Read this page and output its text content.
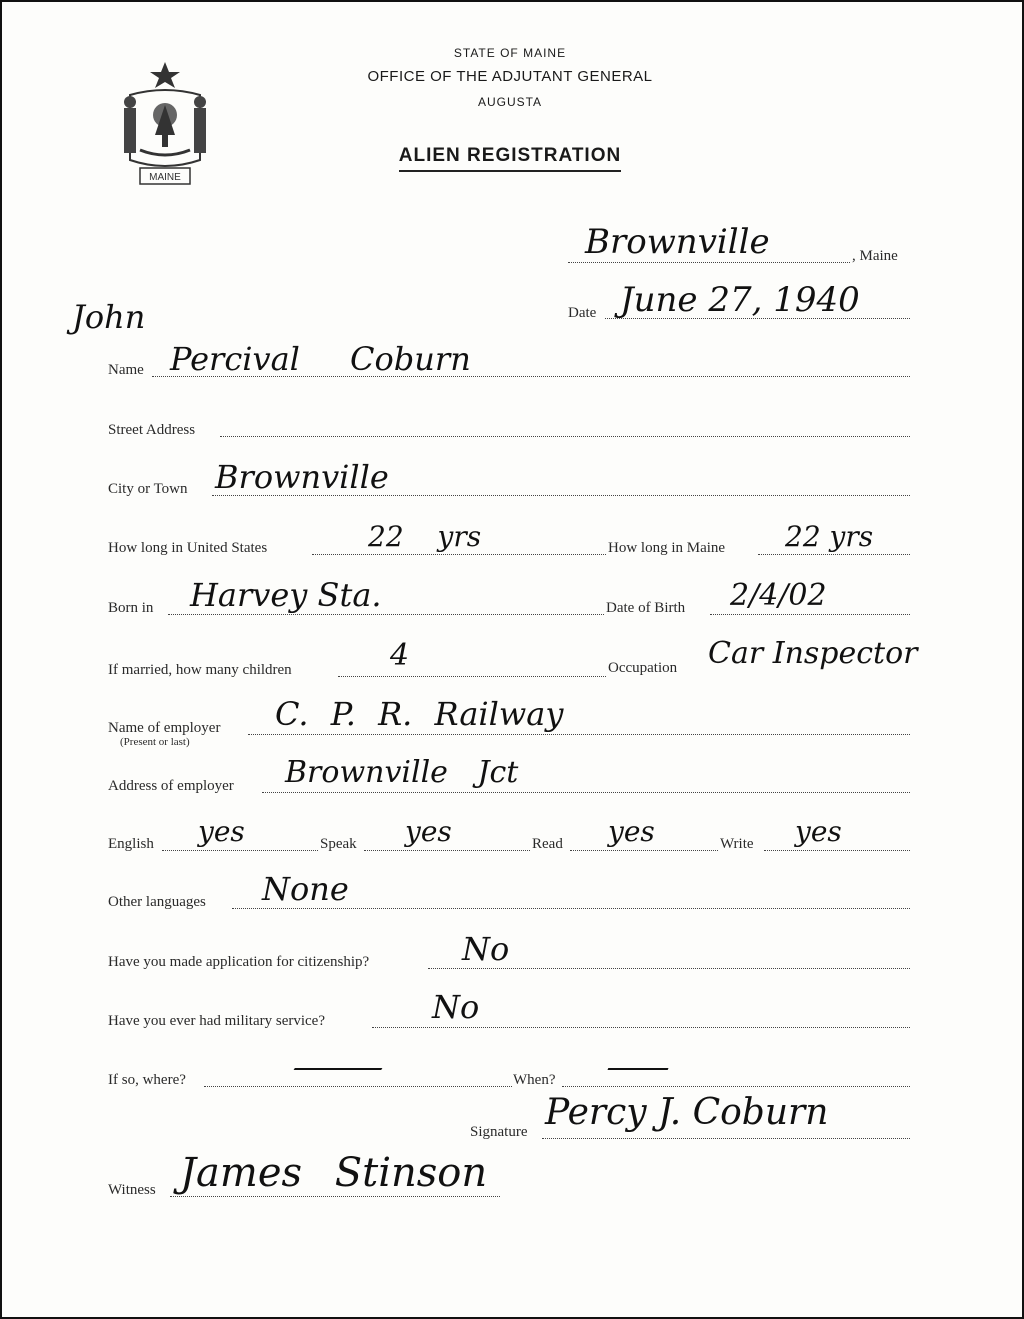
MAINE
STATE OF MAINE
OFFICE OF THE ADJUTANT GENERAL
AUGUSTA
ALIEN REGISTRATION
Brownville	, Maine
Date June 27, 1940
John
Name Percival Coburn
Street Address
City or Town Brownville
How long in United States	22 yrs	How long in Maine 22 yrs
Born in Harvey Sta.	Date of Birth 2/4/02
If married, how many children	4	Occupation Car Inspector
Name of employer
(Present or last)
C. P. R. Railway
Address of employer Brownville Jct
English yes	Speak yes	Read yes	Write yes
Other languages None
Have you made application for citizenship?	No
Have you ever had military service?	No
If so, where?	—	When? —
Signature Percy J. Coburn
Witness James Stinson
